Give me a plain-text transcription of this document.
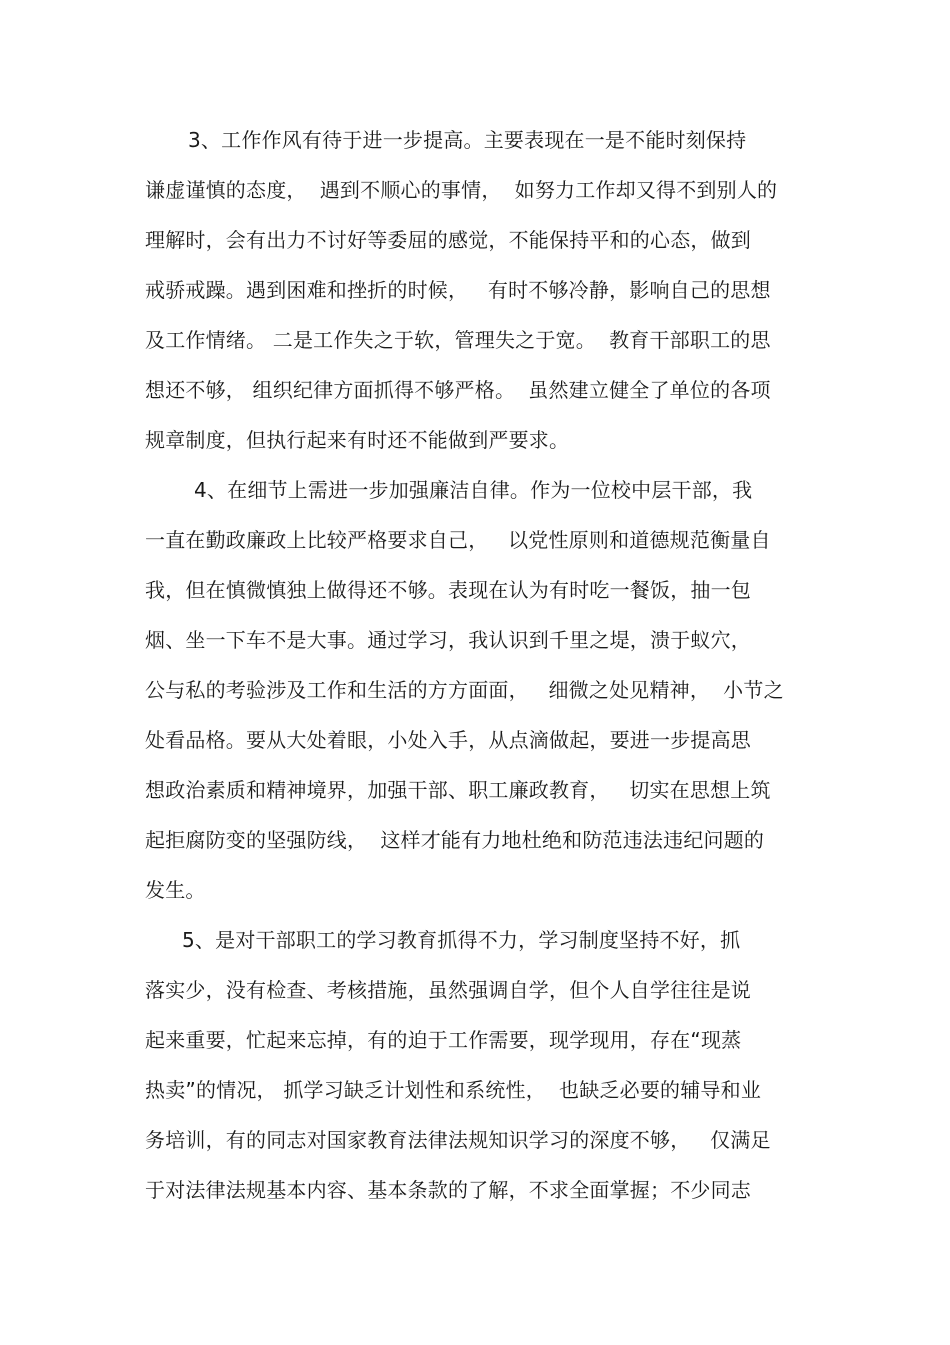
3、工作作风有待于进一步提高。主要表现在一是不能时刻保持
谦虚谨慎的态度，  遇到不顺心的事情，  如努力工作却又得不到别人的
理解时，会有出力不讨好等委屈的感觉，不能保持平和的心态，做到
戒骄戒躁。遇到困难和挫折的时候，   有时不够冷静，影响自己的思想
及工作情绪。 二是工作失之于软，管理失之于宽。  教育干部职工的思
想还不够， 组织纪律方面抓得不够严格。  虽然建立健全了单位的各项
规章制度，但执行起来有时还不能做到严要求。
4、在细节上需进一步加强廉洁自律。作为一位校中层干部，我
一直在勤政廉政上比较严格要求自己，   以党性原则和道德规范衡量自
我，但在慎微慎独上做得还不够。表现在认为有时吃一餐饭，抽一包
烟、坐一下车不是大事。通过学习，我认识到千里之堤，溃于蚁穴，
公与私的考验涉及工作和生活的方方面面，   细微之处见精神，  小节之
处看品格。要从大处着眼，小处入手，从点滴做起，要进一步提高思
想政治素质和精神境界，加强干部、职工廉政教育，   切实在思想上筑
起拒腐防变的坚强防线，  这样才能有力地杜绝和防范违法违纪问题的
发生。
5、是对干部职工的学习教育抓得不力，学习制度坚持不好，抓
落实少，没有检查、考核措施，虽然强调自学，但个人自学往往是说
起来重要，忙起来忘掉，有的迫于工作需要，现学现用，存在“现蒸
热卖”的情况， 抓学习缺乏计划性和系统性，  也缺乏必要的辅导和业
务培训，有的同志对国家教育法律法规知识学习的深度不够，   仅满足
于对法律法规基本内容、基本条款的了解，不求全面掌握；不少同志
